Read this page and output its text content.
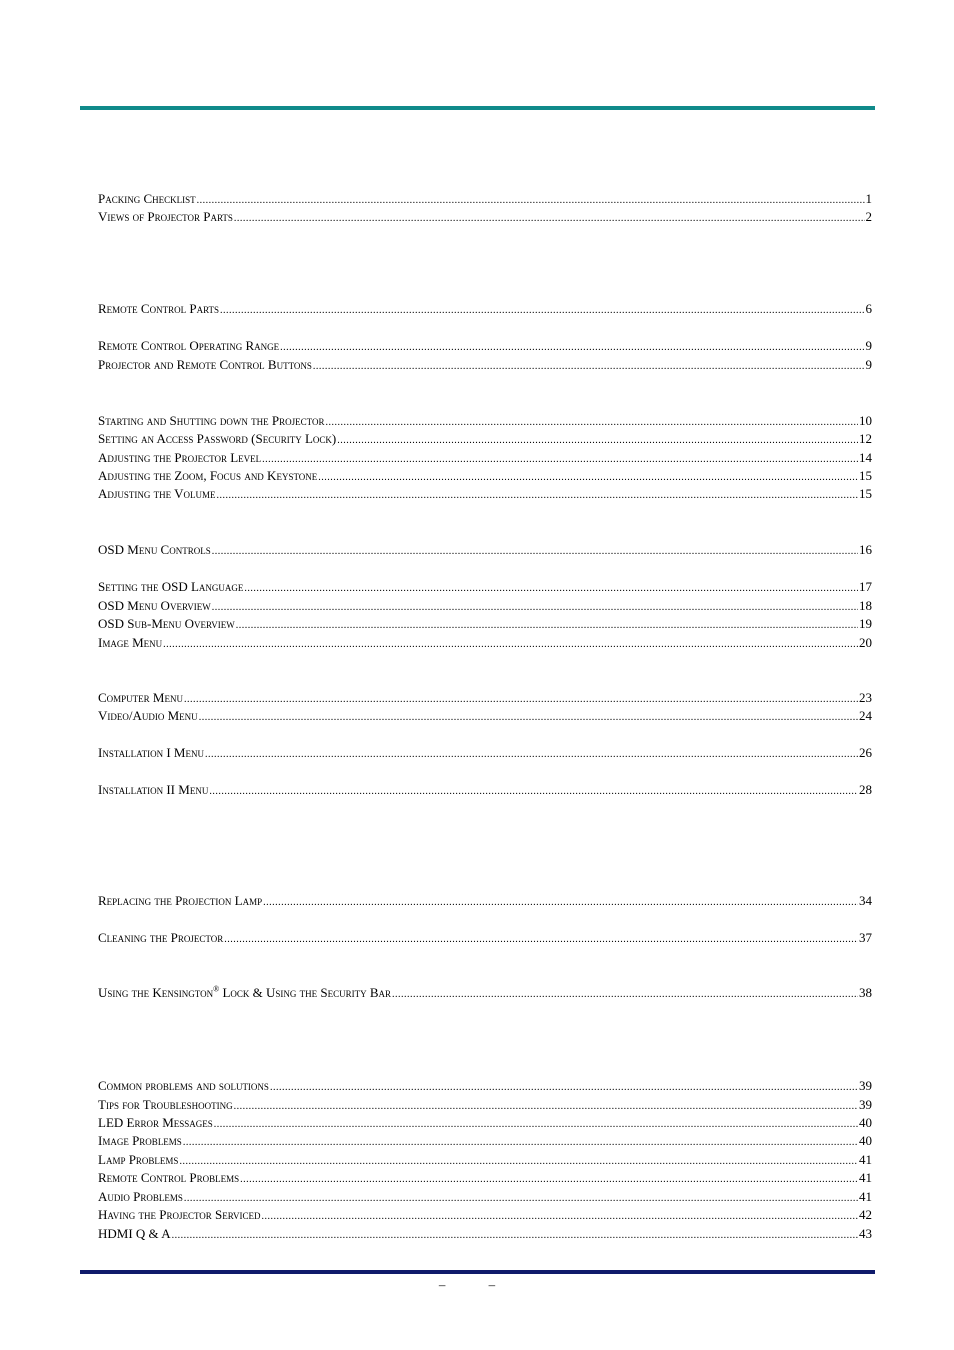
Packing Checklist .....	1
Views of Projector Parts .....	2
Remote Control Parts .....	6
Remote Control Operating Range .....	9
Projector and Remote Control Buttons .....	9
Starting and Shutting down the Projector .....	10
Setting an Access Password (Security Lock) .....	12
Adjusting the Projector Level .....	14
Adjusting the Zoom, Focus and Keystone .....	15
Adjusting the Volume .....	15
OSD Menu Controls .....	16
Setting the OSD Language .....	17
OSD Menu Overview .....	18
OSD Sub-Menu Overview .....	19
Image Menu .....	20
Computer Menu .....	23
Video/Audio Menu .....	24
Installation I Menu .....	26
Installation II Menu .....	28
Replacing the Projection Lamp .....	34
Cleaning the Projector .....	37
Using the Kensington® Lock & Using the Security Bar .....	38
Common problems and solutions .....	39
Tips for Troubleshooting .....	39
LED Error Messages .....	40
Image Problems .....	40
Lamp Problems .....	41
Remote Control Problems .....	41
Audio Problems .....	41
Having the Projector Serviced .....	42
HDMI Q & A .....	43
– –
